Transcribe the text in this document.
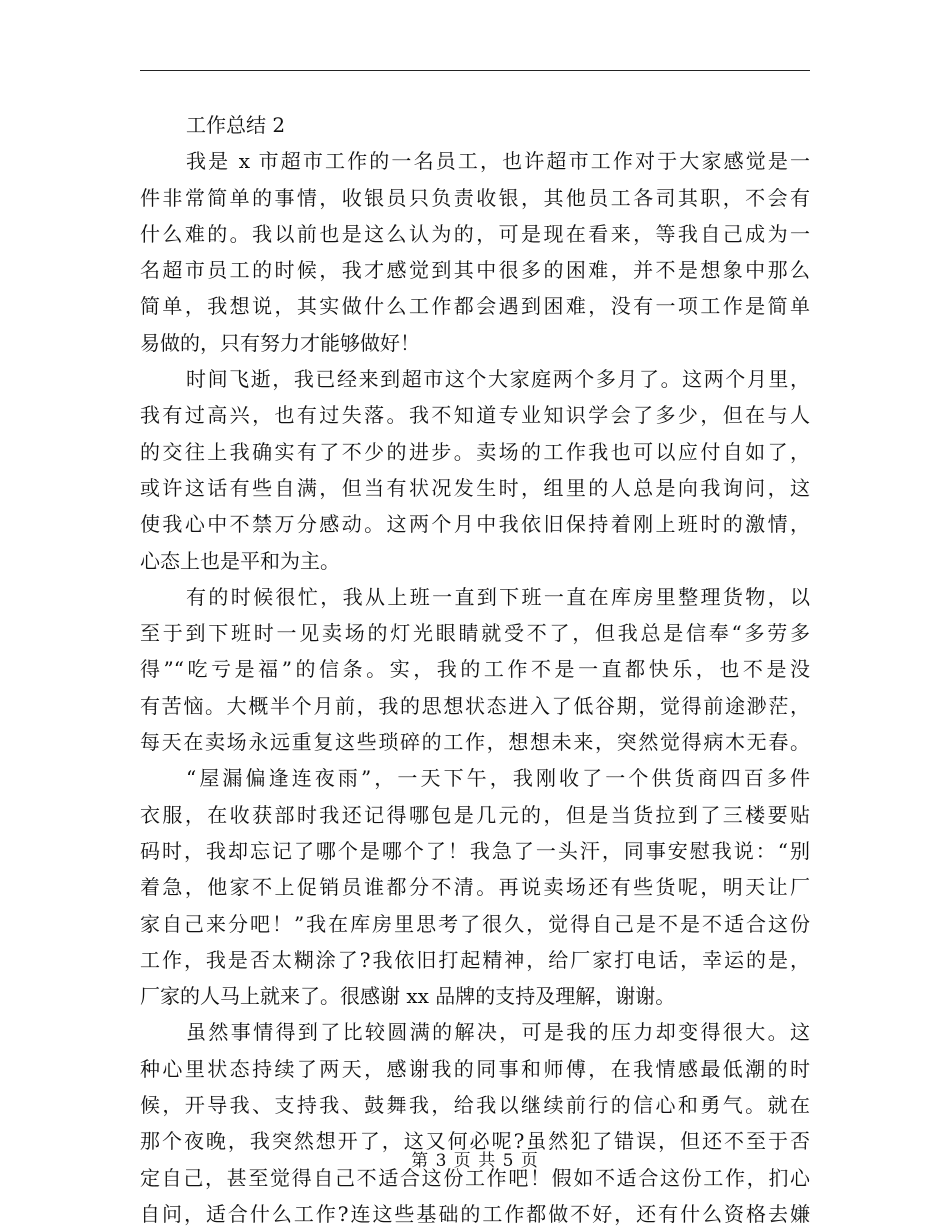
工作总结 2
我是 x 市超市工作的一名员工，也许超市工作对于大家感觉是一
件非常简单的事情，收银员只负责收银，其他员工各司其职，不会有
什么难的。我以前也是这么认为的，可是现在看来，等我自己成为一
名超市员工的时候，我才感觉到其中很多的困难，并不是想象中那么
简单，我想说，其实做什么工作都会遇到困难，没有一项工作是简单
易做的，只有努力才能够做好！
时间飞逝，我已经来到超市这个大家庭两个多月了。这两个月里，
我有过高兴，也有过失落。我不知道专业知识学会了多少，但在与人
的交往上我确实有了不少的进步。卖场的工作我也可以应付自如了，
或许这话有些自满，但当有状况发生时，组里的人总是向我询问，这
使我心中不禁万分感动。这两个月中我依旧保持着刚上班时的激情，
心态上也是平和为主。
有的时候很忙，我从上班一直到下班一直在库房里整理货物，以
至于到下班时一见卖场的灯光眼睛就受不了，但我总是信奉“多劳多
得”“吃亏是福”的信条。实，我的工作不是一直都快乐，也不是没
有苦恼。大概半个月前，我的思想状态进入了低谷期，觉得前途渺茫，
每天在卖场永远重复这些琐碎的工作，想想未来，突然觉得病木无春。
“屋漏偏逢连夜雨”，一天下午，我刚收了一个供货商四百多件
衣服，在收获部时我还记得哪包是几元的，但是当货拉到了三楼要贴
码时，我却忘记了哪个是哪个了！我急了一头汗，同事安慰我说：“别
着急，他家不上促销员谁都分不清。再说卖场还有些货呢，明天让厂
家自己来分吧！”我在库房里思考了很久，觉得自己是不是不适合这份
工作，我是否太糊涂了?我依旧打起精神，给厂家打电话，幸运的是，
厂家的人马上就来了。很感谢 xx 品牌的支持及理解，谢谢。
虽然事情得到了比较圆满的解决，可是我的压力却变得很大。这
种心里状态持续了两天，感谢我的同事和师傅，在我情感最低潮的时
候，开导我、支持我、鼓舞我，给我以继续前行的信心和勇气。就在
那个夜晚，我突然想开了，这又何必呢?虽然犯了错误，但还不至于否
定自己，甚至觉得自己不适合这份工作吧！假如不适合这份工作，扪心
自问，适合什么工作?连这些基础的工作都做不好，还有什么资格去嫌
第 3 页 共 5 页
